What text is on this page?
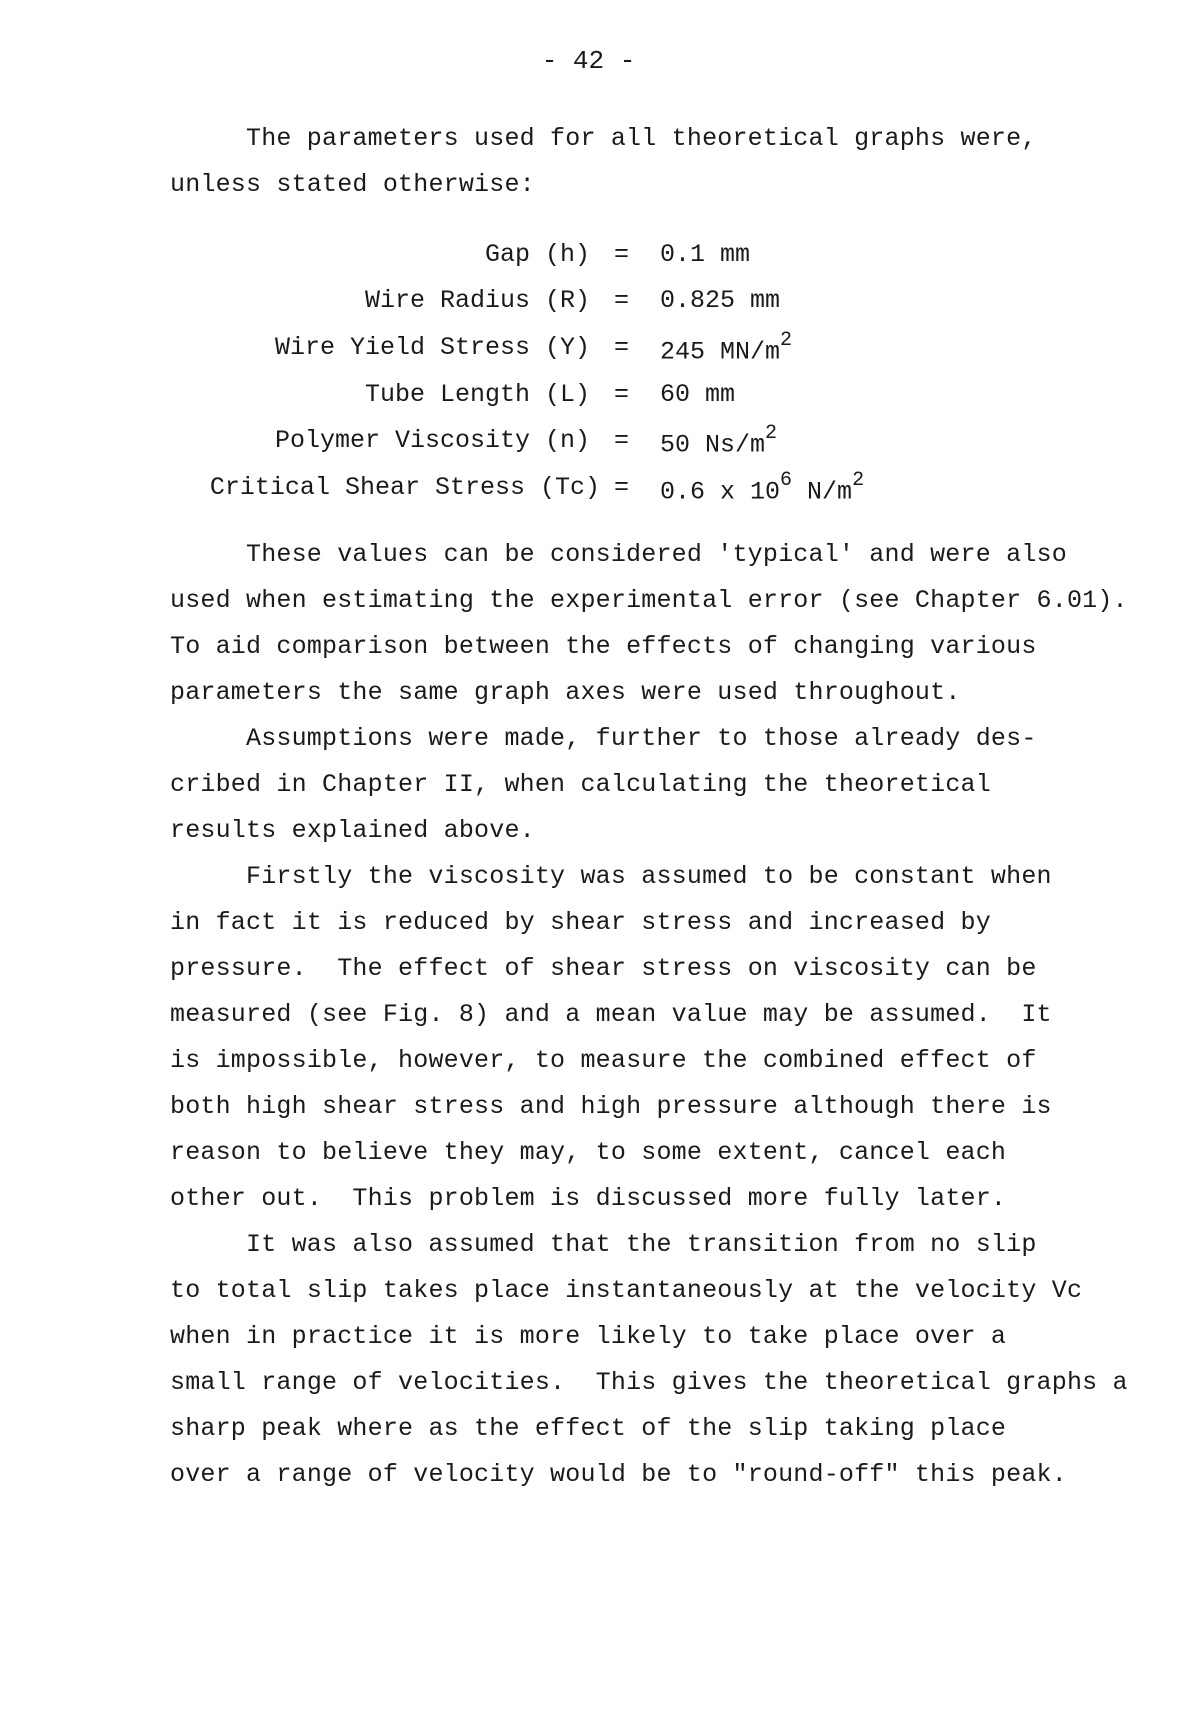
- 42 -
The parameters used for all theoretical graphs were,
unless stated otherwise:
Gap (h) = 0.1 mm
Wire Radius (R) = 0.825 mm
Wire Yield Stress (Y) = 245 $MN/m^2$
Tube Length (L) = 60 mm
Polymer Viscosity (n) = 50 $Ns/m^2$
Critical Shear Stress (Tc) = 0.6 x $10^6$ $N/m^2$
These values can be considered 'typical' and were also
used when estimating the experimental error (see Chapter 6.01).
To aid comparison between the effects of changing various
parameters the same graph axes were used throughout.
Assumptions were made, further to those already des-
cribed in Chapter II, when calculating the theoretical
results explained above.
Firstly the viscosity was assumed to be constant when
in fact it is reduced by shear stress and increased by
pressure.  The effect of shear stress on viscosity can be
measured (see Fig. 8) and a mean value may be assumed.  It
is impossible, however, to measure the combined effect of
both high shear stress and high pressure although there is
reason to believe they may, to some extent, cancel each
other out.  This problem is discussed more fully later.
It was also assumed that the transition from no slip
to total slip takes place instantaneously at the velocity Vc
when in practice it is more likely to take place over a
small range of velocities.  This gives the theoretical graphs a
sharp peak where as the effect of the slip taking place
over a range of velocity would be to "round-off" this peak.
